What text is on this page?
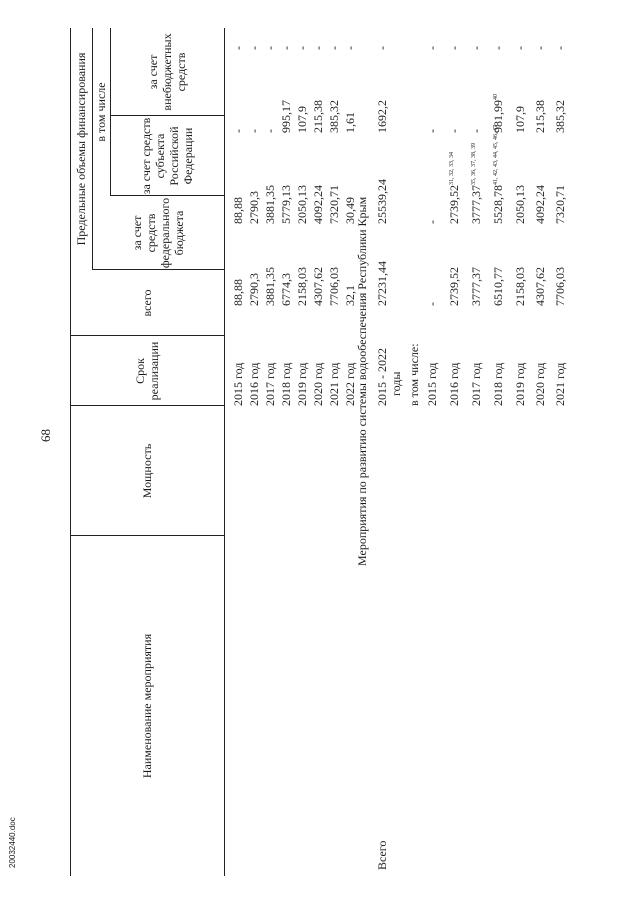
68
20032440.doc
Наименование мероприятия
Мощность
Срок реализации
всего
Предельные объемы финансирования в том числе
за счет средств федерального бюджета
за счет средств субъекта Российской Федерации
за счет внебюджетных средств
2015 год
88,88
88,88
-
-
2016 год
2790,3
2790,3
-
-
2017 год
3881,35
3881,35
-
-
2018 год
6774,3
5779,13
995,17
-
2019 год
2158,03
2050,13
107,9
-
2020 год
4307,62
4092,24
215,38
-
2021 год
7706,03
7320,71
385,32
-
2022 год
32,1
30,49
1,61
-
Мероприятия по развитию системы водообеспечения Республики Крым
Всего
2015 - 2022
27231,44
25539,24
1692,2
-
годы в том числе: 2015 год
-
-
-
-
2016 год
2739,52
2739,52$^{31, 32, 33, 34}$
-
-
2017 год
3777,37
3777,37$^{35, 36, 37, 38, 39}$
-
-
2018 год
6510,77
5528,78$^{41, 42, 43, 44, 45, 46, 47}$
981,99$^{40}$
-
2019 год
2158,03
2050,13
107,9
-
2020 год
4307,62
4092,24
215,38
-
2021 год
7706,03
7320,71
385,32
-
